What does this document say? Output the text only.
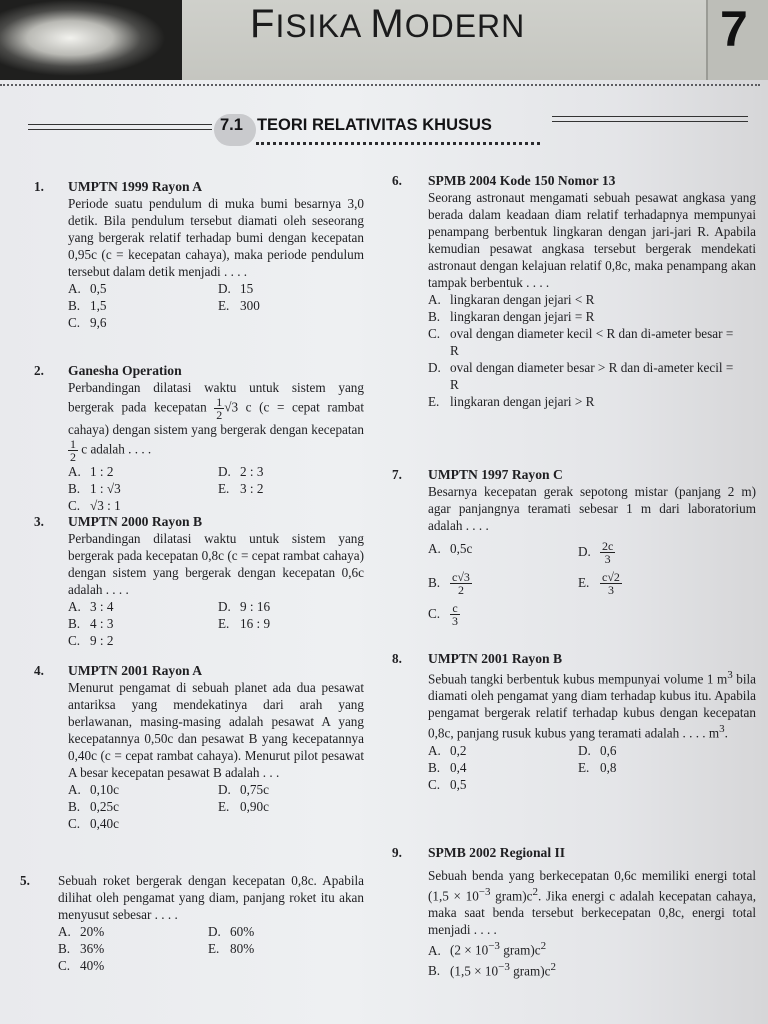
FISIKA MODERN	7
7.1 TEORI RELATIVITAS KHUSUS
1. UMPTN 1999 Rayon A
Periode suatu pendulum di muka bumi besarnya 3,0 detik. Bila pendulum tersebut diamati oleh seseorang yang bergerak relatif terhadap bumi dengan kecepatan 0,95c (c = kecepatan cahaya), maka periode pendulum tersebut dalam detik menjadi . . . .
A. 0,5	D. 15
B. 1,5	E. 300
C. 9,6
2. Ganesha Operation
Perbandingan dilatasi waktu untuk sistem yang bergerak pada kecepatan $\frac{1}{2} √3$ c (c = cepat rambat cahaya) dengan sistem yang bergerak dengan kecepatan
$\frac{1}{2}$ c adalah . . . .
A. 1 : 2	D. 2 : 3
B. 1 : √3	E. 3 : 2
C. √3 : 1
3. UMPTN 2000 Rayon B
Perbandingan dilatasi waktu untuk sistem yang bergerak pada kecepatan 0,8c (c = cepat rambat cahaya) dengan sistem yang bergerak dengan kecepatan 0,6c adalah . . . .
A. 3 : 4	D. 9 : 16
B. 4 : 3	E. 16 : 9
C. 9 : 2
4. UMPTN 2001 Rayon A
Menurut pengamat di sebuah planet ada dua pesawat antariksa yang mendekatinya dari arah yang berlawanan, masing-masing adalah pesawat A yang kecepatannya 0,50c dan pesawat B yang kecepatannya 0,40c (c = cepat rambat cahaya). Menurut pilot pesawat A besar kecepatan pesawat B adalah . . .
A. 0,10c	D. 0,75c
B. 0,25c	E. 0,90c
C. 0,40c
5. Sebuah roket bergerak dengan kecepatan 0,8c. Apabila dilihat oleh pengamat yang diam, panjang roket itu akan menyusut sebesar . . . .
A. 20%	D. 60%
B. 36%	E. 80%
C. 40%
6. SPMB 2004 Kode 150 Nomor 13
Seorang astronaut mengamati sebuah pesawat angkasa yang berada dalam keadaan diam relatif terhadapnya mempunyai penampang berbentuk lingkaran dengan jari-jari R. Apabila kemudian pesawat angkasa tersebut bergerak mendekati astronaut dengan kelajuan relatif 0,8c, maka penampang akan tampak berbentuk . . . .
A. lingkaran dengan jejari < R
B. lingkaran dengan jejari = R
C. oval dengan diameter kecil < R dan di-ameter besar = R
D. oval dengan diameter besar > R dan di-ameter kecil = R
E. lingkaran dengan jejari > R
7. UMPTN 1997 Rayon C
Besarnya kecepatan gerak sepotong mistar (panjang 2 m) agar panjangnya teramati sebesar 1 m dari laboratorium adalah . . . .
A. 0,5c	D. $\frac{2c}{3}$
B. $\frac{c√3}{2}$	E. $\frac{c√2}{3}$
C. $\frac{c}{3}$
8. UMPTN 2001 Rayon B
Sebuah tangki berbentuk kubus mempunyai volume 1 $m^3$ bila diamati oleh pengamat yang diam terhadap kubus itu. Apabila pengamat bergerak relatif terhadap kubus dengan kecepatan 0,8c, panjang rusuk kubus yang teramati adalah . . . . $m^3$.
A. 0,2	D. 0,6
B. 0,4	E. 0,8
C. 0,5
9. SPMB 2002 Regional II
Sebuah benda yang berkecepatan 0,6c memiliki energi total ($1,5 \times 10^{-3}$ $gram)c^2$. Jika energi c adalah kecepatan cahaya, maka saat benda tersebut berkecepatan 0,8c, energi total menjadi . . . .
A. ($2 \times 10^{-3}$ $gram)c^2$
B. ($1,5 \times 10^{-3}$ $gram)c^2$
